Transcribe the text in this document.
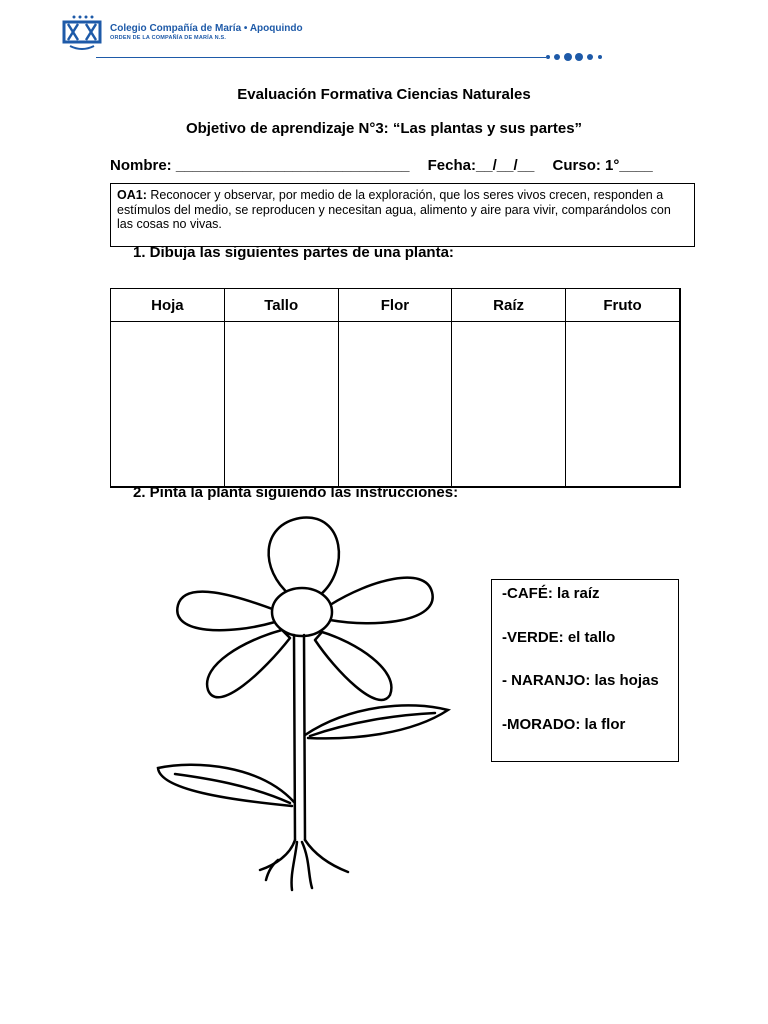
Colegio Compañía de María • Apoquindo
ORDEN DE LA COMPAÑÍA DE MARÍA N.S.
Evaluación Formativa Ciencias Naturales
Objetivo de aprendizaje N°3: “Las plantas y sus partes”
Nombre: ____________________________ Fecha:__/__/__ Curso: 1°____
OA1: Reconocer y observar, por medio de la exploración, que los seres vivos crecen, responden a estímulos del medio, se reproducen y necesitan agua, alimento y aire para vivir, comparándolos con las cosas no vivas.
1. Dibuja las siguientes partes de una planta:
Hoja	Tallo	Flor	Raíz	Fruto

2. Pinta la planta siguiendo las instrucciones:
-CAFÉ: la raíz
-VERDE: el tallo
- NARANJO: las hojas
-MORADO: la flor
